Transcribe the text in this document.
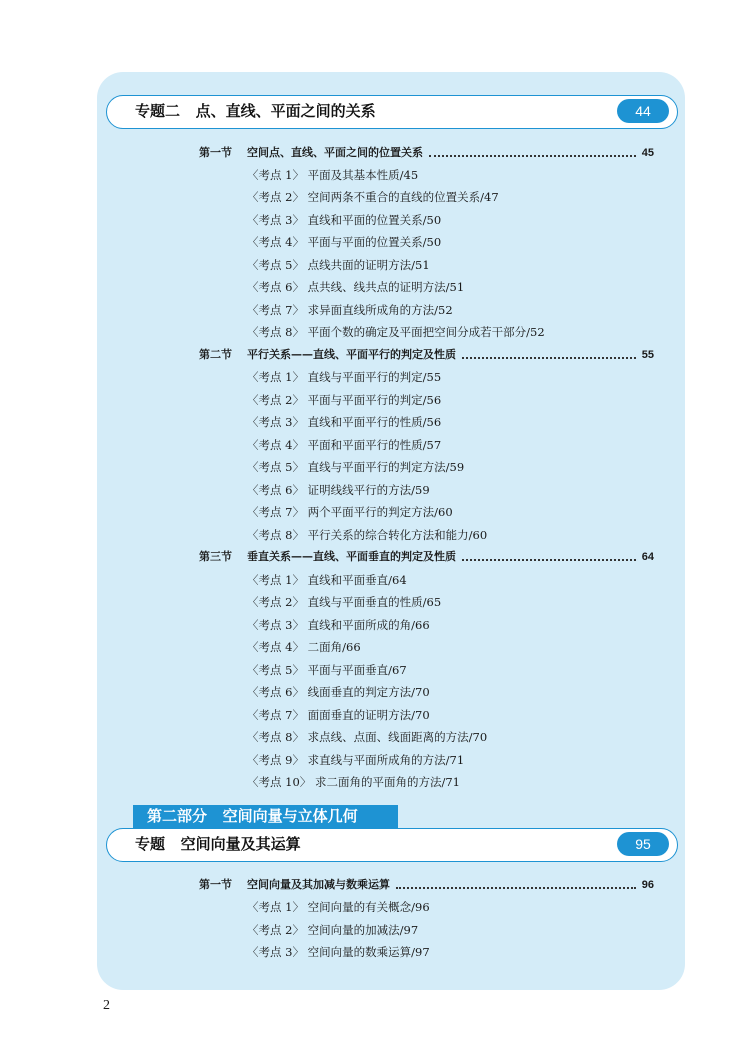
专题二   点、直线、平面之间的关系	44
第一节	空间点、直线、平面之间的位置关系	45
〈考点 1〉 平面及其基本性质/45
〈考点 2〉 空间两条不重合的直线的位置关系/47
〈考点 3〉 直线和平面的位置关系/50
〈考点 4〉 平面与平面的位置关系/50
〈考点 5〉 点线共面的证明方法/51
〈考点 6〉 点共线、线共点的证明方法/51
〈考点 7〉 求异面直线所成角的方法/52
〈考点 8〉 平面个数的确定及平面把空间分成若干部分/52
第二节	平行关系——直线、平面平行的判定及性质	55
〈考点 1〉 直线与平面平行的判定/55
〈考点 2〉 平面与平面平行的判定/56
〈考点 3〉 直线和平面平行的性质/56
〈考点 4〉 平面和平面平行的性质/57
〈考点 5〉 直线与平面平行的判定方法/59
〈考点 6〉 证明线线平行的方法/59
〈考点 7〉 两个平面平行的判定方法/60
〈考点 8〉 平行关系的综合转化方法和能力/60
第三节	垂直关系——直线、平面垂直的判定及性质	64
〈考点 1〉 直线和平面垂直/64
〈考点 2〉 直线与平面垂直的性质/65
〈考点 3〉 直线和平面所成的角/66
〈考点 4〉 二面角/66
〈考点 5〉 平面与平面垂直/67
〈考点 6〉 线面垂直的判定方法/70
〈考点 7〉 面面垂直的证明方法/70
〈考点 8〉 求点线、点面、线面距离的方法/70
〈考点 9〉 求直线与平面所成角的方法/71
〈考点 10〉 求二面角的平面角的方法/71
第二部分   空间向量与立体几何
专题   空间向量及其运算	95
第一节	空间向量及其加减与数乘运算	96
〈考点 1〉 空间向量的有关概念/96
〈考点 2〉 空间向量的加减法/97
〈考点 3〉 空间向量的数乘运算/97
2
